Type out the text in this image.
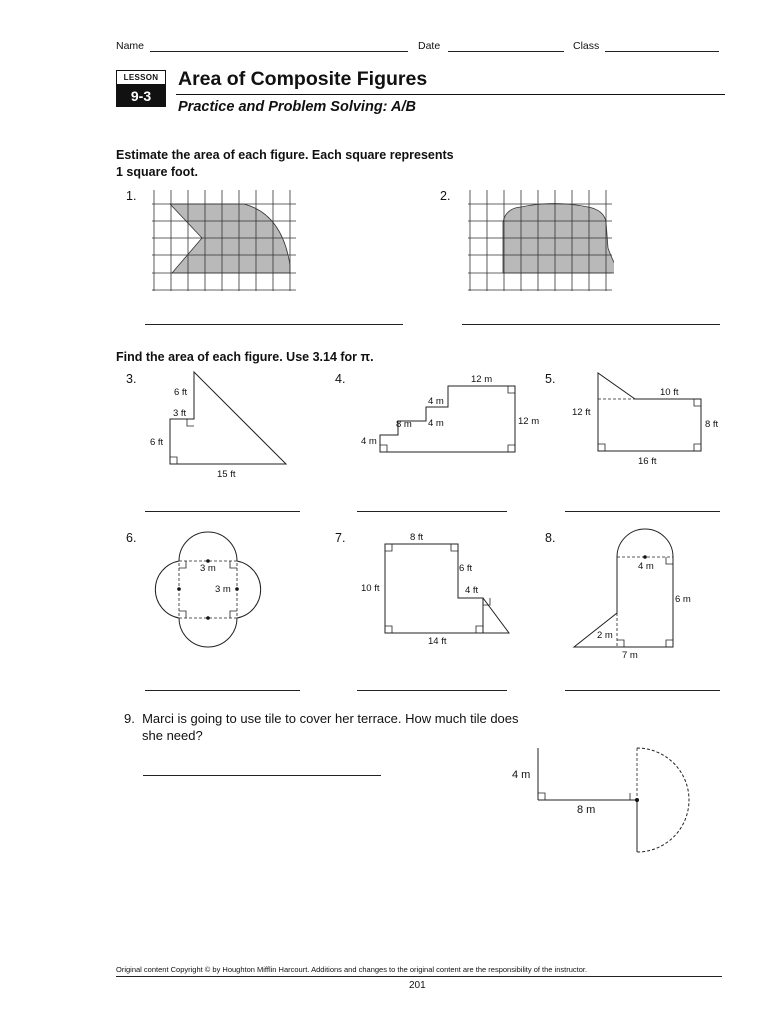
Name	Date	Class
LESSON
9-3
Area of Composite Figures
Practice and Problem Solving: A/B
Estimate the area of each figure. Each square represents
1 square foot.
1.	2.
Find the area of each figure. Use 3.14 for π.
3.	4.	5.
6 ft
3 ft
6 ft
15 ft
12 m
4 m
8 m 4 m	12 m
4 m
10 ft
12 ft
8 ft
16 ft
6.	7.	8.
3 m
3 m
8 ft
6 ft
10 ft	4 ft
14 ft
4 m
6 m
2 m
7 m
9. Marci is going to use tile to cover her terrace. How much tile does
she need?
4 m
8 m
Original content Copyright © by Houghton Mifflin Harcourt. Additions and changes to the original content are the responsibility of the instructor.
201
